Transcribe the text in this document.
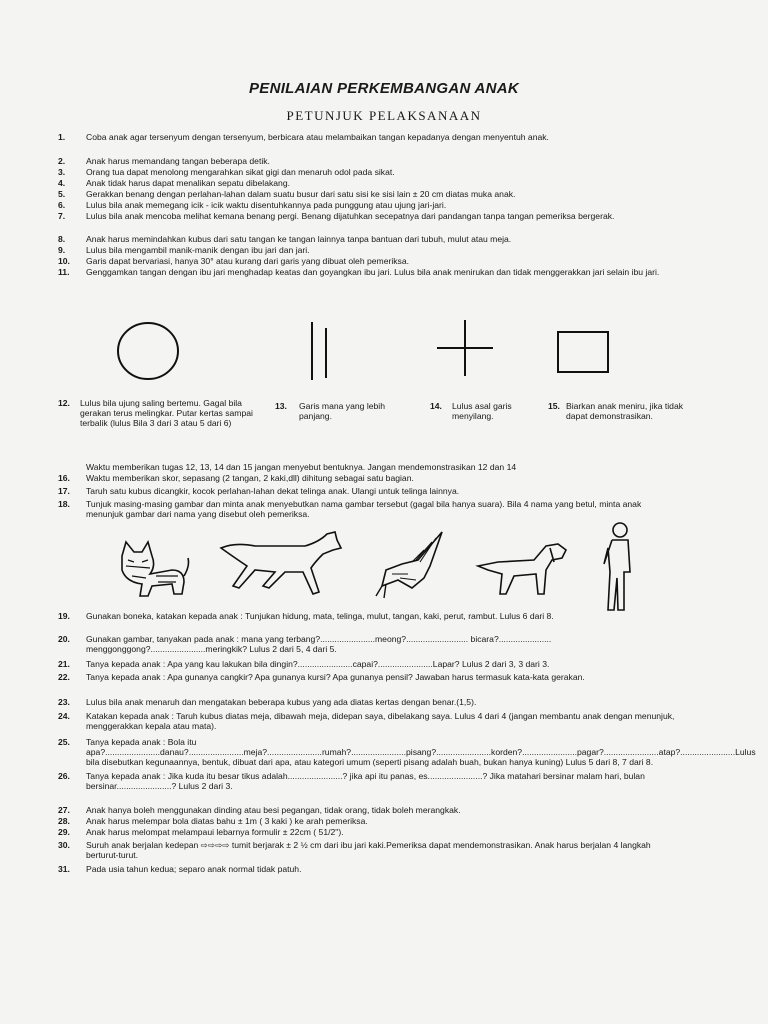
PENILAIAN PERKEMBANGAN ANAK
PETUNJUK PELAKSANAAN
1.	Coba anak agar tersenyum dengan tersenyum, berbicara atau melambaikan tangan kepadanya dengan menyentuh anak.
2.	Anak harus memandang tangan beberapa detik.
3.	Orang tua dapat menolong mengarahkan sikat gigi dan menaruh odol pada sikat.
4.	Anak tidak harus dapat menalikan sepatu dibelakang.
5.	Gerakkan benang dengan perlahan-lahan dalam suatu busur dari satu sisi ke sisi lain ± 20 cm diatas muka anak.
6.	Lulus bila anak memegang icik - icik waktu disentuhkannya pada punggung atau ujung jari-jari.
7.	Lulus bila anak mencoba melihat kemana benang pergi. Benang dijatuhkan secepatnya dari pandangan tanpa tangan pemeriksa bergerak.
8.	Anak harus memindahkan kubus dari satu tangan ke tangan lainnya tanpa bantuan dari tubuh, mulut atau meja.
9.	Lulus bila mengambil manik-manik dengan ibu jari dan jari.
10.	Garis dapat bervariasi, hanya 30° atau kurang dari garis yang dibuat oleh pemeriksa.
11.	Genggamkan tangan dengan ibu jari menghadap keatas dan goyangkan ibu jari. Lulus bila anak menirukan dan tidak menggerakkan jari selain ibu jari.
12. Lulus bila ujung saling bertemu. Gagal bila gerakan terus melingkar. Putar kertas sampai terbalik (lulus Bila 3 dari 3 atau 5 dari 6)
13. Garis mana yang lebih panjang.
14. Lulus asal garis menyilang.
15. Biarkan anak meniru, jika tidak dapat demonstrasikan.
Waktu memberikan tugas 12, 13, 14 dan 15 jangan menyebut bentuknya. Jangan mendemonstrasikan 12 dan 14
16.	Waktu memberikan skor, sepasang (2 tangan, 2 kaki,dll) dihitung sebagai satu bagian.
17.	Taruh satu kubus dicangkir, kocok perlahan-lahan dekat telinga anak. Ulangi untuk telinga lainnya.
18.	Tunjuk masing-masing gambar dan minta anak menyebutkan nama gambar tersebut (gagal bila hanya suara). Bila 4 nama yang betul, minta anak menunjuk gambar dari nama yang disebut oleh pemeriksa.
19.	Gunakan boneka, katakan kepada anak : Tunjukan hidung, mata, telinga, mulut, tangan, kaki, perut, rambut. Lulus 6 dari 8.
20.	Gunakan gambar, tanyakan pada anak : mana yang terbang?.......................meong?.......................... bicara?...................... menggonggong?.......................meringkik? Lulus 2 dari 5, 4 dari 5.
21.	Tanya kepada anak : Apa yang kau lakukan bila dingin?.......................capai?.......................Lapar? Lulus 2 dari 3, 3 dari 3.
22.	Tanya kepada anak : Apa gunanya cangkir? Apa gunanya kursi? Apa gunanya pensil? Jawaban harus termasuk kata-kata gerakan.
23.	Lulus bila anak menaruh dan mengatakan beberapa kubus yang ada diatas kertas dengan benar.(1,5).
24.	Katakan kepada anak : Taruh kubus diatas meja, dibawah meja, didepan saya, dibelakang saya. Lulus 4 dari 4 (jangan membantu anak dengan menunjuk, menggerakkan kepala atau mata).
25.	Tanya kepada anak : Bola itu apa?.......................danau?.......................meja?.......................rumah?.......................pisang?.......................korden?.......................pagar?.......................atap?.......................Lulus bila disebutkan kegunaannya, bentuk, dibuat dari apa, atau kategori umum (seperti pisang adalah buah, bukan hanya kuning) Lulus 5 dari 8, 7 dari 8.
26.	Tanya kepada anak : Jika kuda itu besar tikus adalah.......................? jika api itu panas, es.......................? Jika matahari bersinar malam hari, bulan bersinar.......................? Lulus 2 dari 3.
27.	Anak hanya boleh menggunakan dinding atau besi pegangan, tidak orang, tidak boleh merangkak.
28.	Anak harus melempar bola diatas bahu ± 1m ( 3 kaki ) ke arah pemeriksa.
29.	Anak harus melompat melampaui lebarnya formulir ± 22cm ( 51/2").
30.	Suruh anak berjalan kedepan ⇨⇨⇨⇨ tumit berjarak ± 2 ½ cm dari ibu jari kaki.Pemeriksa dapat mendemonstrasikan. Anak harus berjalan 4 langkah berturut-turut.
31.	Pada usia tahun kedua; separo anak normal tidak patuh.
